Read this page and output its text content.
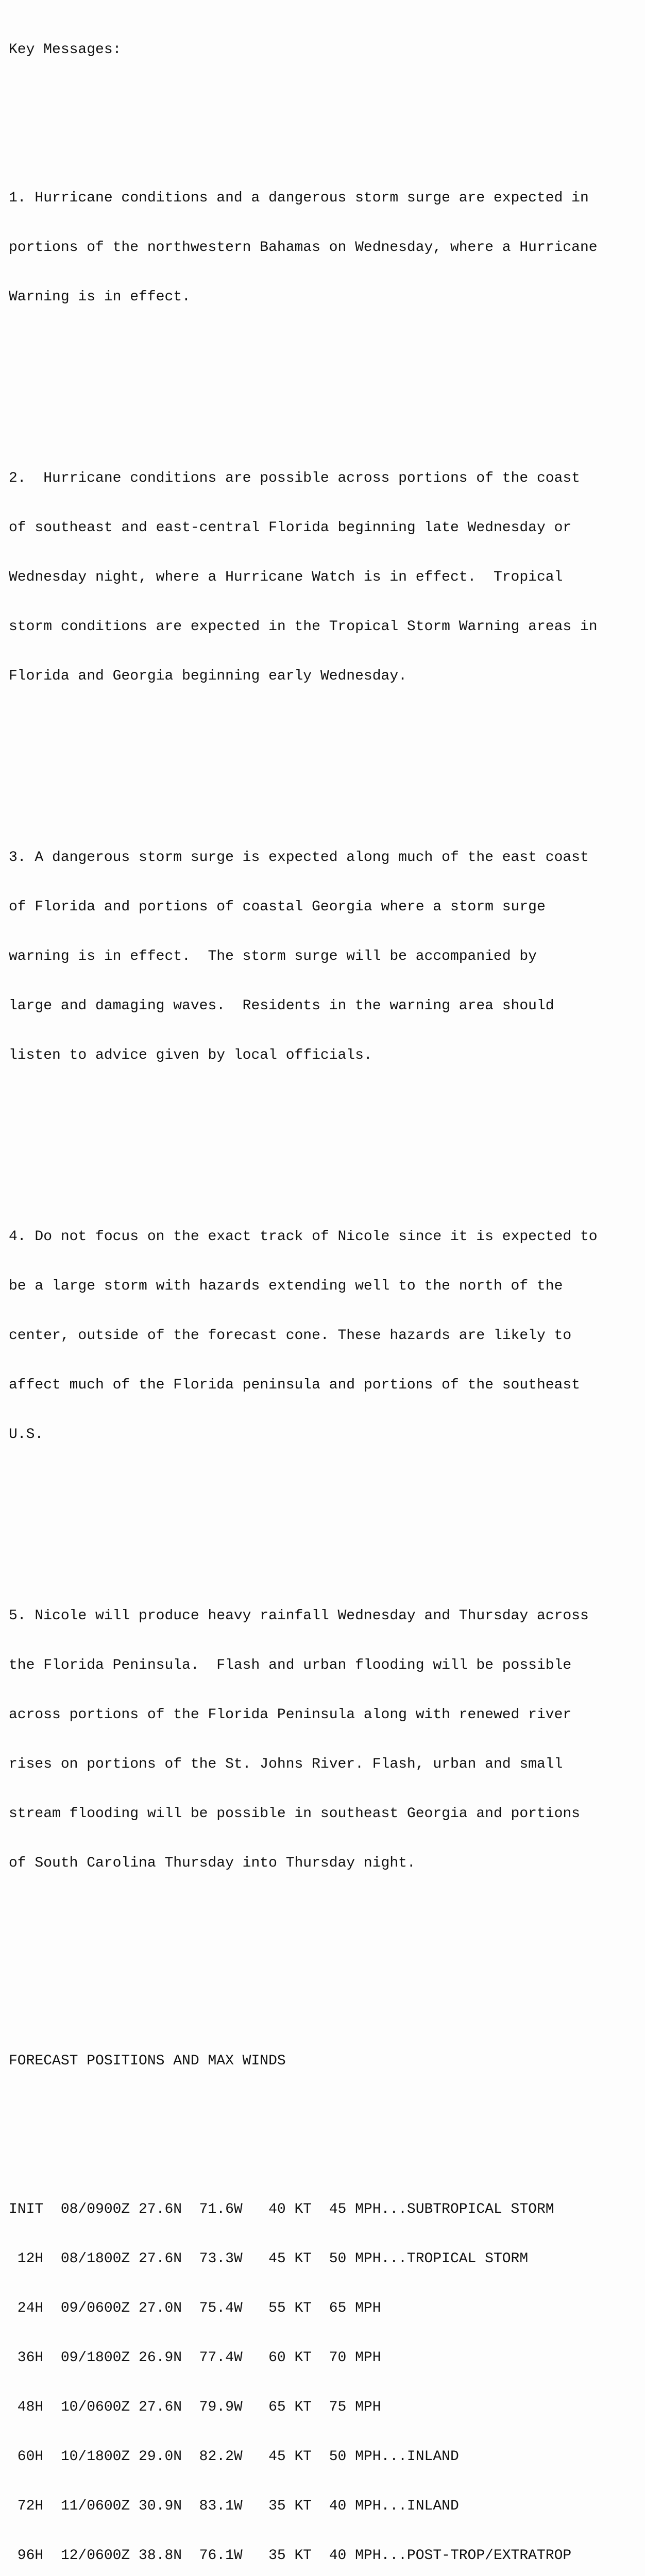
Key Messages:

1. Hurricane conditions and a dangerous storm surge are expected in

portions of the northwestern Bahamas on Wednesday, where a Hurricane

Warning is in effect.

2.  Hurricane conditions are possible across portions of the coast

of southeast and east-central Florida beginning late Wednesday or

Wednesday night, where a Hurricane Watch is in effect.  Tropical

storm conditions are expected in the Tropical Storm Warning areas in

Florida and Georgia beginning early Wednesday.

3. A dangerous storm surge is expected along much of the east coast

of Florida and portions of coastal Georgia where a storm surge

warning is in effect.  The storm surge will be accompanied by

large and damaging waves.  Residents in the warning area should

listen to advice given by local officials.

4. Do not focus on the exact track of Nicole since it is expected to

be a large storm with hazards extending well to the north of the

center, outside of the forecast cone. These hazards are likely to

affect much of the Florida peninsula and portions of the southeast

U.S.

5. Nicole will produce heavy rainfall Wednesday and Thursday across

the Florida Peninsula.  Flash and urban flooding will be possible

across portions of the Florida Peninsula along with renewed river

rises on portions of the St. Johns River. Flash, urban and small

stream flooding will be possible in southeast Georgia and portions

of South Carolina Thursday into Thursday night.

FORECAST POSITIONS AND MAX WINDS

INIT  08/0900Z 27.6N  71.6W   40 KT  45 MPH...SUBTROPICAL STORM

12H  08/1800Z 27.6N  73.3W   45 KT  50 MPH...TROPICAL STORM

24H  09/0600Z 27.0N  75.4W   55 KT  65 MPH

36H  09/1800Z 26.9N  77.4W   60 KT  70 MPH

48H  10/0600Z 27.6N  79.9W   65 KT  75 MPH

60H  10/1800Z 29.0N  82.2W   45 KT  50 MPH...INLAND

72H  11/0600Z 30.9N  83.1W   35 KT  40 MPH...INLAND

96H  12/0600Z 38.8N  76.1W   35 KT  40 MPH...POST-TROP/EXTRATROP
